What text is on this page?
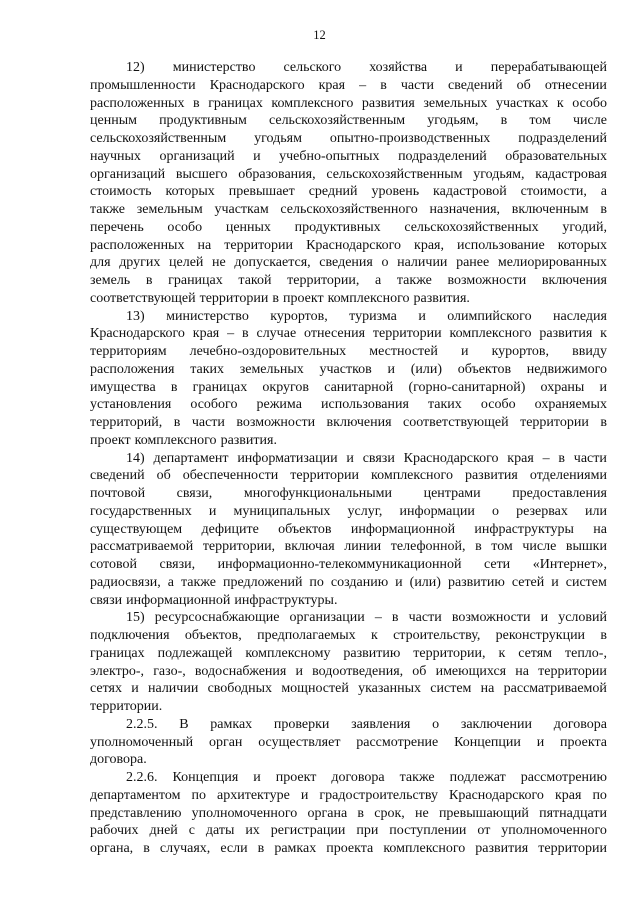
12
12) министерство сельского хозяйства и перерабатывающей
промышленности Краснодарского края – в части сведений об отнесении
расположенных в границах комплексного развития земельных участках к особо
ценным продуктивным сельскохозяйственным угодьям, в том числе
сельскохозяйственным угодьям опытно-производственных подразделений
научных организаций и учебно-опытных подразделений образовательных
организаций высшего образования, сельскохозяйственным угодьям, кадастровая
стоимость которых превышает средний уровень кадастровой стоимости, а
также земельным участкам сельскохозяйственного назначения, включенным в
перечень особо ценных продуктивных сельскохозяйственных угодий,
расположенных на территории Краснодарского края, использование которых
для других целей не допускается, сведения о наличии ранее мелиорированных
земель в границах такой территории, а также возможности включения
соответствующей территории в проект комплексного развития.
13) министерство курортов, туризма и олимпийского наследия
Краснодарского края – в случае отнесения территории комплексного развития к
территориям лечебно-оздоровительных местностей и курортов, ввиду
расположения таких земельных участков и (или) объектов недвижимого
имущества в границах округов санитарной (горно-санитарной) охраны и
установления особого режима использования таких особо охраняемых
территорий, в части возможности включения соответствующей территории в
проект комплексного развития.
14) департамент информатизации и связи Краснодарского края – в части
сведений об обеспеченности территории комплексного развития отделениями
почтовой связи, многофункциональными центрами предоставления
государственных и муниципальных услуг, информации о резервах или
существующем дефиците объектов информационной инфраструктуры на
рассматриваемой территории, включая линии телефонной, в том числе вышки
сотовой связи, информационно-телекоммуникационной сети «Интернет»,
радиосвязи, а также предложений по созданию и (или) развитию сетей и систем
связи информационной инфраструктуры.
15) ресурсоснабжающие организации – в части возможности и условий
подключения объектов, предполагаемых к строительству, реконструкции в
границах подлежащей комплексному развитию территории, к сетям тепло-,
электро-, газо-, водоснабжения и водоотведения, об имеющихся на территории
сетях и наличии свободных мощностей указанных систем на рассматриваемой
территории.
2.2.5. В рамках проверки заявления о заключении договора
уполномоченный орган осуществляет рассмотрение Концепции и проекта
договора.
2.2.6. Концепция и проект договора также подлежат рассмотрению
департаментом по архитектуре и градостроительству Краснодарского края по
представлению уполномоченного органа в срок, не превышающий пятнадцати
рабочих дней с даты их регистрации при поступлении от уполномоченного
органа, в случаях, если в рамках проекта комплексного развития территории
